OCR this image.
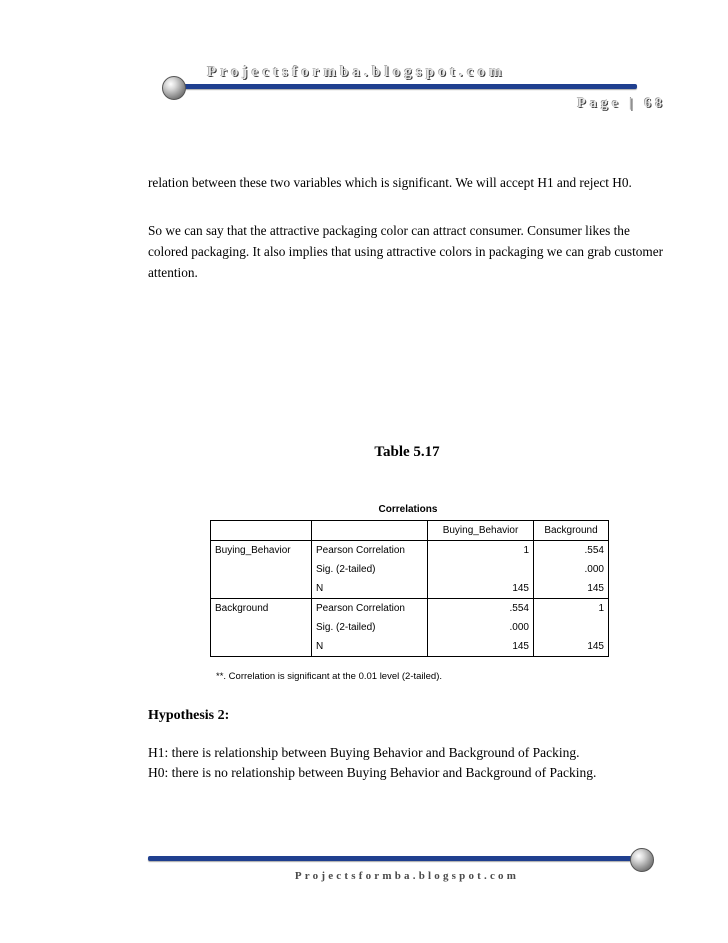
Projectsformba.blogspot.com
Page | 68
relation between these two variables which is significant. We will accept H1 and reject H0.
So we can say that the attractive packaging color can attract consumer. Consumer likes the colored packaging. It also implies that using attractive colors in packaging we can grab customer attention.
Table 5.17
Correlations
		Buying_Behavior	Background
Buying_Behavior	Pearson Correlation	1	.554
	Sig. (2-tailed)		.000
	N	145	145
Background	Pearson Correlation	.554	1
	Sig. (2-tailed)	.000	
	N	145	145
**. Correlation is significant at the 0.01 level (2-tailed).
Hypothesis 2:
H1: there is relationship between Buying Behavior and Background of Packing.
H0: there is no relationship between Buying Behavior and Background of Packing.
Projectsformba.blogspot.com
